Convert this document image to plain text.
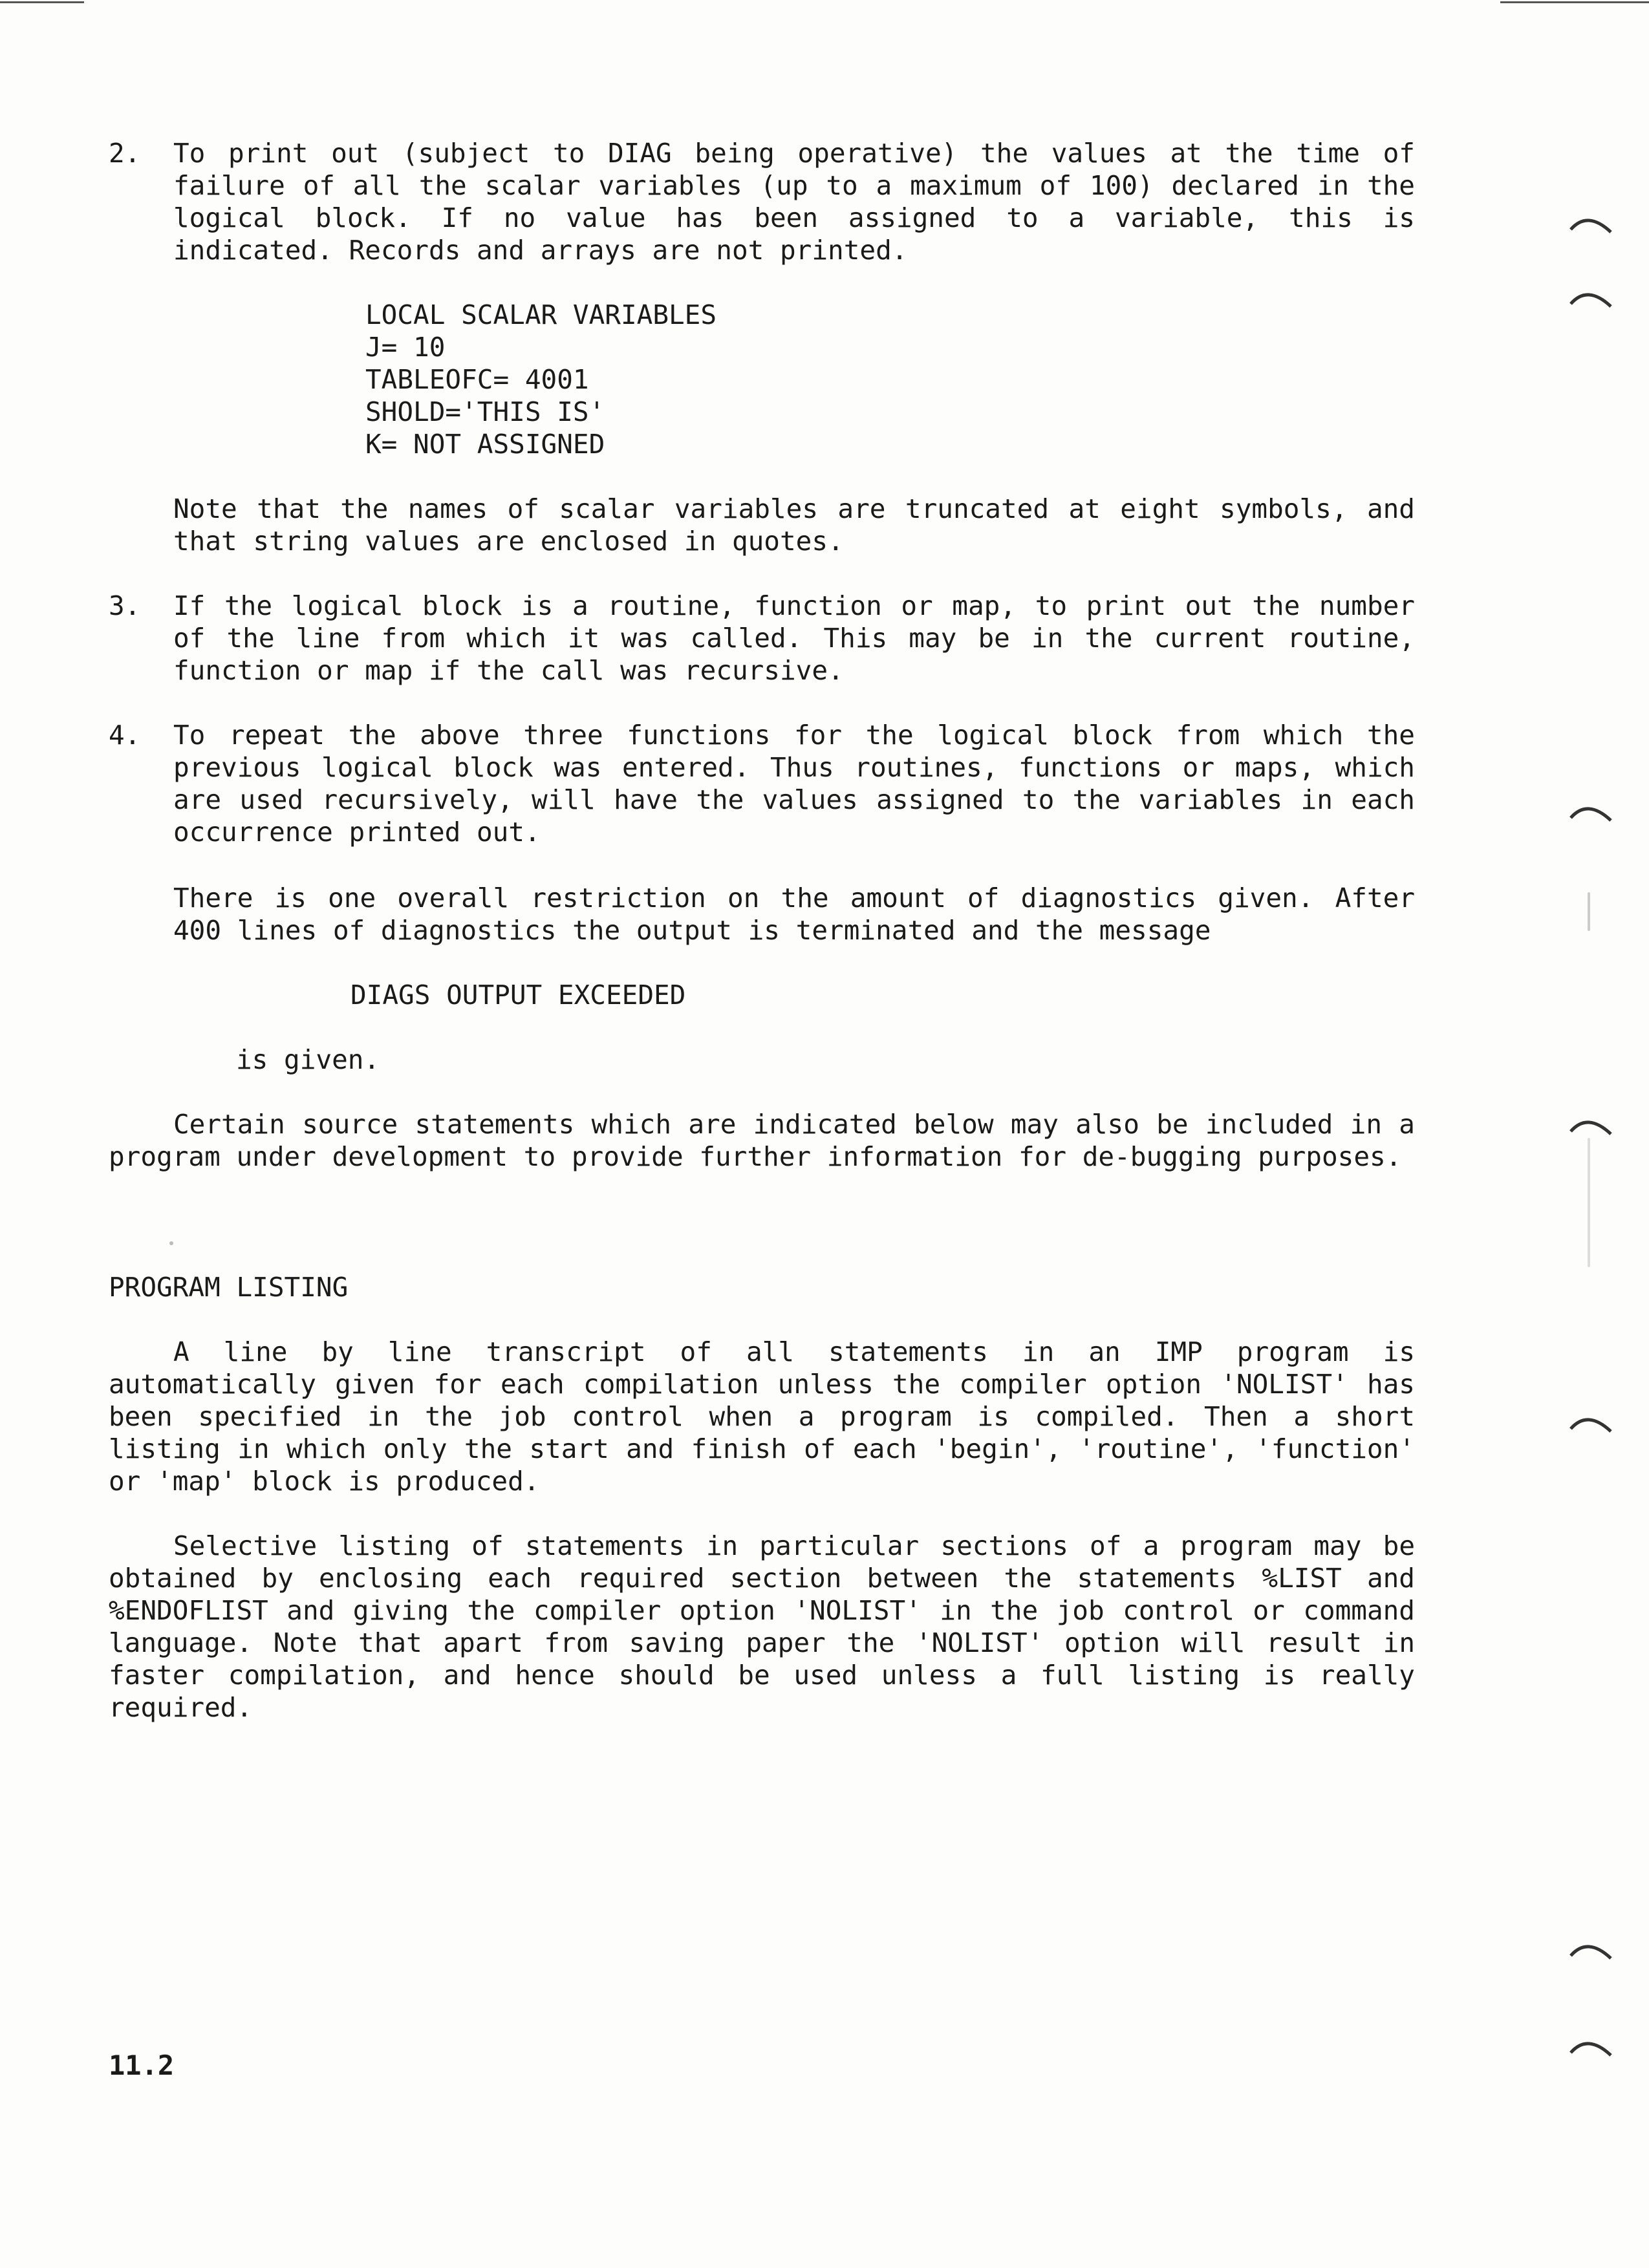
2. To print out (subject to DIAG being operative) the values at the time of failure of all the scalar variables (up to a maximum of 100) declared in the logical block. If no value has been assigned to a variable, this is indicated. Records and arrays are not printed.
LOCAL SCALAR VARIABLES
J= 10
TABLEOFC= 4001
SHOLD='THIS IS'
K= NOT ASSIGNED
Note that the names of scalar variables are truncated at eight symbols, and that string values are enclosed in quotes.
3. If the logical block is a routine, function or map, to print out the number of the line from which it was called. This may be in the current routine, function or map if the call was recursive.
4. To repeat the above three functions for the logical block from which the previous logical block was entered. Thus routines, functions or maps, which are used recursively, will have the values assigned to the variables in each occurrence printed out.
There is one overall restriction on the amount of diagnostics given. After 400 lines of diagnostics the output is terminated and the message
DIAGS OUTPUT EXCEEDED
is given.
Certain source statements which are indicated below may also be included in a program under development to provide further information for de-bugging purposes.
PROGRAM LISTING
A line by line transcript of all statements in an IMP program is automatically given for each compilation unless the compiler option 'NOLIST' has been specified in the job control when a program is compiled. Then a short listing in which only the start and finish of each 'begin', 'routine', 'function' or 'map' block is produced.
Selective listing of statements in particular sections of a program may be obtained by enclosing each required section between the statements %LIST and %ENDOFLIST and giving the compiler option 'NOLIST' in the job control or command language. Note that apart from saving paper the 'NOLIST' option will result in faster compilation, and hence should be used unless a full listing is really required.
11.2
